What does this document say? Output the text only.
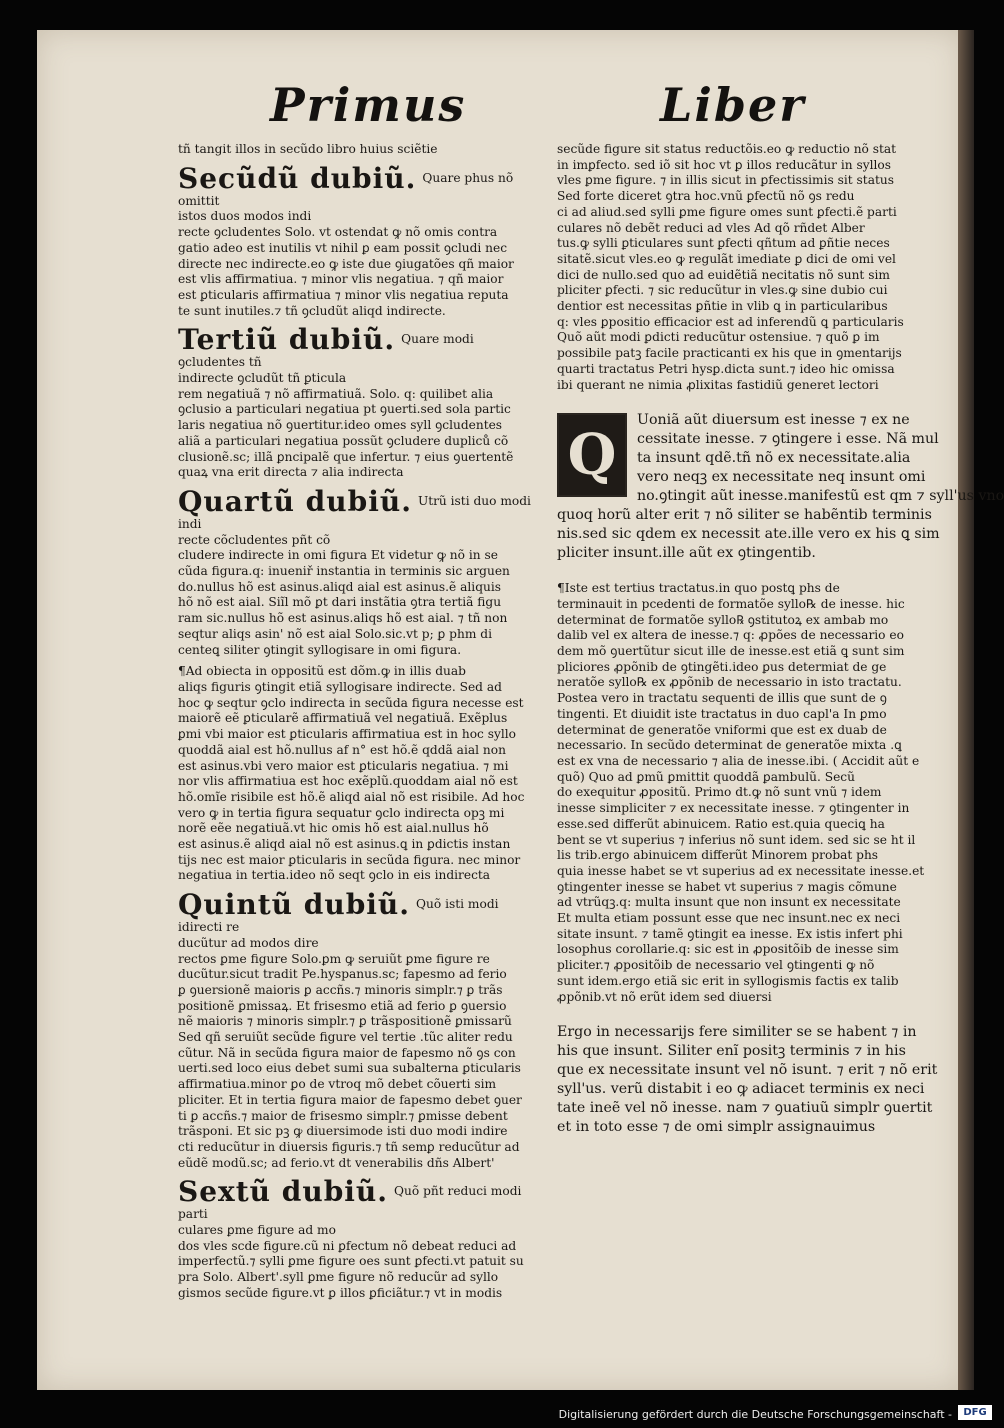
Primus	Liber
tñ tangit illos in secũdo libro huius sciẽtie
Secũdũ dubiũ. Quare phus nõ omittit
istos duos modos indi
recte ꝯcludentes Solo. vt ostendat ꝙ nõ omis contra
gatio adeo est inutilis vt nihil ꝑ eam possit ꝯcludi nec
directe nec indirecte.eo ꝙ iste due ꝯiugatões qñ maior
est vlis affirmatiua. ⁊ minor vlis negatiua. ⁊ qñ maior
est ꝑticularis affirmatiua ⁊ minor vlis negatiua reputa
te sunt inutiles.⁊ tñ ꝯcludũt aliqd indirecte.
Tertiũ dubiũ. Quare modi ꝯcludentes tñ
indirecte ꝯcludũt tñ ꝑticula
rem negatiuã ⁊ nõ affirmatiuã. Solo. q: quilibet alia
ꝯclusio a particulari negatiua pt ꝯuerti.sed sola partic
laris negatiua nõ ꝯuertitur.ideo omes syll ꝯcludentes
aliã a particulari negatiua possũt ꝯcludere dupliců cõ
clusionẽ.sc; illã ꝑncipalẽ que infertur. ⁊ eius ꝯuertentẽ
quaꝝ vna erit directa ⁊ alia indirecta
Quartũ dubiũ. Utrũ isti duo modi indi
recte cõcludentes pñt cõ
cludere indirecte in omi figura Et videtur ꝙ nõ in se
cũda figura.q: inueniř instantia in terminis sic arguen
do.nullus hõ est asinus.aliqd aial est asinus.ẽ aliquis
hõ nõ est aial. Siĩl mõ ꝑt dari instãtia ꝯtra tertiã figu
ram sic.nullus hõ est asinus.aliqs hõ est aial. ⁊ tñ non
seqtur aliqs asin' nõ est aial Solo.sic.vt p; ꝑ phm di
centeꝗ siliter ꝯtingit syllogisare in omi figura.
¶Ad obiecta in oppositũ est dõm.ꝙ in illis duab
aliqs figuris ꝯtingit etiã syllogisare indirecte. Sed ad
hoc ꝙ seqtur ꝯclo indirecta in secũda figura necesse est
maiorẽ eẽ ꝑticularẽ affirmatiuã vel negatiuã. Exẽplus
ꝑmi vbi maior est ꝑticularis affirmatiua est in hoc syllo
quoddã aial est hõ.nullus af n° est hõ.ẽ qddã aial non
est asinus.vbi vero maior est ꝑticularis negatiua. ⁊ mi
nor vlis affirmatiua est hoc exẽplũ.quoddam aial nõ est
hõ.omĩe risibile est hõ.ẽ aliqd aial nõ est risibile. Ad hoc
vero ꝙ in tertia figura sequatur ꝯclo indirecta opꝫ mi
norẽ eẽe negatiuã.vt hic omis hõ est aial.nullus hõ
est asinus.ẽ aliqd aial nõ est asinus.ꝗ in ꝑdictis instan
tijs nec est maior ꝑticularis in secũda figura. nec minor
negatiua in tertia.ideo nõ seqt ꝯclo in eis indirecta
Quintũ dubiũ. Quõ isti modi idirecti re
ducũtur ad modos dire
rectos ꝑme figure Solo.ꝑm ꝙ seruiũt ꝑme figure re
ducũtur.sicut tradit Pe.hyspanus.sc; fapesmo ad ferio
ꝑ ꝯuersionẽ maioris ꝑ accñs.⁊ minoris simplr.⁊ ꝑ trãs
positionẽ ꝑmissaꝝ. Et frisesmo etiã ad ferio ꝑ ꝯuersio
nẽ maioris ⁊ minoris simplr.⁊ ꝑ trãspositionẽ ꝑmissarũ
Sed qñ seruiũt secũde figure vel tertie .tũc aliter redu
cũtur. Nã in secũda figura maior de fapesmo nõ ꝯs con
uerti.sed loco eius debet sumi sua subalterna ꝑticularis
affirmatiua.minor ꝑo de vtroq mõ debet cõuerti sim
pliciter. Et in tertia figura maior de fapesmo debet ꝯuer
ti ꝑ accñs.⁊ maior de frisesmo simplr.⁊ ꝑmisse debent
trãsponi. Et sic pꝫ ꝙ diuersimode isti duo modi indire
cti reducũtur in diuersis figuris.⁊ tñ semꝑ reducũtur ad
eũdẽ modũ.sc; ad ferio.vt dt venerabilis dñs Albert'
Sextũ dubiũ. Quõ pñt reduci modi parti
culares ꝑme figure ad mo
dos vles scde figure.cũ ni ꝑfectum nõ debeat reduci ad
imperfectũ.⁊ sylli ꝑme figure oes sunt ꝑfecti.vt patuit su
pra Solo. Albert'.syll ꝑme figure nõ reducũr ad syllo
gismos secũde figure.vt ꝑ illos ꝑficiãtur.⁊ vt in modis
secũde figure sit status reductõis.eo ꝙ reductio nõ stat
in imꝑfecto. sed iõ sit hoc vt ꝑ illos reducãtur in syllos
vles ꝑme figure. ⁊ in illis sicut in ꝑfectissimis sit status
Sed forte diceret ꝯtra hoc.vnũ ꝑfectũ nõ ꝯs redu
ci ad aliud.sed sylli ꝑme figure omes sunt ꝑfecti.ẽ parti
culares nõ debẽt reduci ad vles Ad qõ rñdet Alber
tus.ꝙ sylli ꝑticulares sunt ꝑfecti qñtum ad ꝑñtie neces
sitatẽ.sicut vles.eo ꝙ regulãt imediate ꝑ dici de omi vel
dici de nullo.sed quo ad euidẽtiã necitatis nõ sunt sim
pliciter ꝑfecti. ⁊ sic reducũtur in vles.ꝙ sine dubio cui
dentior est necessitas ꝑñtie in vlib ꝗ in particularibus
q: vles ꝑpositio efficacior est ad inferendũ ꝗ particularis
Quõ aũt modi ꝑdicti reducũtur ostensiue. ⁊ quõ ꝑ im
possibile patꝫ facile practicanti ex his que in ꝯmentarijs
quarti tractatus Petri hysꝑ.dicta sunt.⁊ ideo hic omissa
ibi querant ne nimia ꝓlixitas fastidiũ generet lectori
Q
Uoniã aũt diuersum est inesse ⁊ ex ne
cessitate inesse. ⁊ ꝯtingere i esse. Nã mul
ta insunt qdẽ.tñ nõ ex necessitate.alia
vero neqꝫ ex necessitate neq insunt omi
no.ꝯtingit aũt inesse.manifestũ est qm ⁊ syll'us vno
quoq horũ alter erit ⁊ nõ siliter se habẽntib terminis
nis.sed sic qdem ex necessit ate.ille vero ex his ꝗ sim
pliciter insunt.ille aũt ex ꝯtingentib.
¶Iste est tertius tractatus.in quo postꝗ phs de
terminauit in pcedenti de formatõe syllo℞ de inesse. hic
determinat de formatõe syllo℞ ꝯstitutoꝝ ex ambab mo
dalib vel ex altera de inesse.⁊ q: ꝓpões de necessario eo
dem mõ ꝯuertũtur sicut ille de inesse.est etiã ꝗ sunt sim
pliciores ꝓpõnib de ꝯtingẽti.ideo ꝑus determiat de ge
neratõe syllo℞ ex ꝓpõnib de necessario in isto tractatu.
Postea vero in tractatu sequenti de illis que sunt de ꝯ
tingenti. Et diuidit iste tractatus in duo capl'a In ꝑmo
determinat de generatõe vniformi que est ex duab de
necessario. In secũdo determinat de generatõe mixta .ꝗ
est ex vna de necessario ⁊ alia de inesse.ibi. ( Accidit aũt e
quõ) Quo ad ꝑmũ ꝑmittit quoddã ꝑambulũ. Secũ
do exequitur ꝓpositũ. Primo dt.ꝙ nõ sunt vnũ ⁊ idem
inesse simpliciter ⁊ ex necessitate inesse. ⁊ ꝯtingenter in
esse.sed differũt abinuicem. Ratio est.quia queciꝗ ha
bent se vt superius ⁊ inferius nõ sunt idem. sed sic se ht il
lis trib.ergo abinuicem differũt Minorem probat phs
quia inesse habet se vt superius ad ex necessitate inesse.et
ꝯtingenter inesse se habet vt superius ⁊ magis cõmune
ad vtrũqꝫ.q: multa insunt que non insunt ex necessitate
Et multa etiam possunt esse que nec insunt.nec ex neci
sitate insunt. ⁊ tamẽ ꝯtingit ea inesse. Ex istis infert phi
losophus corollarie.q: sic est in ꝓpositõib de inesse sim
pliciter.⁊ ꝓpositõib de necessario vel ꝯtingenti ꝙ nõ
sunt idem.ergo etiã sic erit in syllogismis factis ex talib
ꝓpõnib.vt nõ erũt idem sed diuersi
Ergo in necessarijs fere similiter se se habent ⁊ in
his que insunt. Siliter enĩ positꝫ terminis ⁊ in his
que ex necessitate insunt vel nõ isunt. ⁊ erit ⁊ nõ erit
syll'us. verũ distabit i eo ꝙ adiacet terminis ex neci
tate ineẽ vel nõ inesse. nam ⁊ ꝯuatiuũ simplr ꝯuertit
et in toto esse ⁊ de omi simplr assignauimus
Digitalisierung gefördert durch die Deutsche Forschungsgemeinschaft -	DFG
